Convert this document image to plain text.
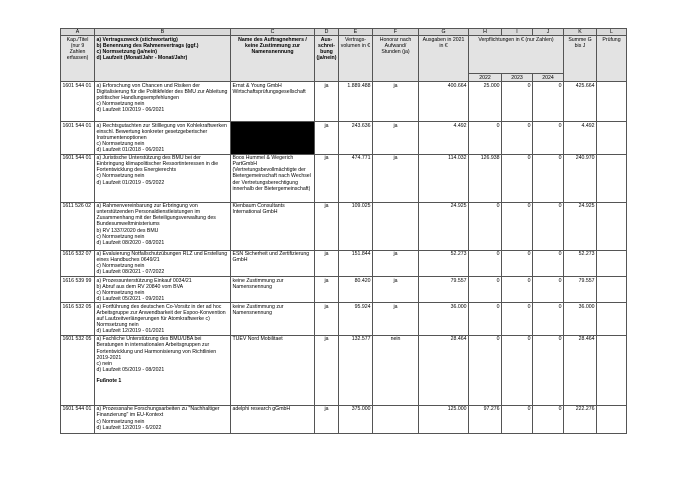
A	B	C	D	E	F	G	H	I	J	K	L
Kap./Titel (nur 9 Zahlen erfassen)	a) Vertragszweck (stichwortartig)
b) Benennung des Rahmenvertrags (ggf.)
c) Normsetzung (ja/nein)
d) Laufzeit (Monat/Jahr - Monat/Jahr)	Name des Auftragnehmers / keine Zustimmung zur Namensnennung	Aus-schrei-bung (ja/nein)	Vertrags-volumen in €	Honorar nach Aufwand/ Stunden (ja)	Ausgaben in 2021 in €	Verpflichtungen in € (nur Zahlen)			Summe G bis J	Prüfung
							2022	2023	2024		
1601 544 01	a) Erforschung von Chancen und Risiken der Digitalisierung für die Politikfelder des BMU zur Ableitung politischer Handlungsempfehlungen
c) Normsetzung nein
d) Laufzeit 10/2019 - 06/2021	Ernst & Young GmbH Wirtschaftsprüfungsgesellschaft	ja	1.889.488	ja	400.664	25.000	0	0	425.664	
1601 544 01	a) Rechtsgutachten zur Stilllegung von Kohlekraftwerken einschl. Bewertung konkreter gesetzgeberischer Instrumentenoptionen
c) Normsetzung nein
d) Laufzeit 01/2018 - 06/2021		ja	243.636	ja	4.492	0	0	0	4.492	
1601 544 01	a) Juristische Unterstützung des BMU bei der Einbringung klimapolitischer Ressortinteressen in die Fortentwicklung des Energierechts
c) Normsetzung nein
d) Laufzeit 01/2019 - 05/2022	Boos Hummel & Wegerich PartGmbH
(Vertretungsbevollmächtigte der Bietergemeinschaft nach Wechsel der Vertretungsberechtigung innerhalb der Bietergemeinschaft)	ja	474.771	ja	114.032	126.938	0	0	240.970	
1611 526 02	a) Rahmenvereinbarung zur Erbringung von unterstützenden Personaldienstleistungen im Zusammenhang mit der Beteiligungsverwaltung des Bundesumweltministeriums
b) RV 1337/2020 des BMU
c) Normsetzung nein
d) Laufzeit 08/2020 - 08/2021	Kienbaum Consultants International GmbH	ja	109.025		24.925	0	0	0	24.925	
1616 532 07	a) Evaluierung Notfallschutzübungen RLZ und Erstellung eines Handbuches 0649/21
c) Normsetzung nein
d) Laufzeit 08/2021 - 07/2022	ESN Sicherheit und Zertifizierung GmbH	ja	151.844	ja	52.273	0	0	0	52.273	
1616 539 99	a) Prozessunterstützung Einkauf 0034/21
b) Abruf aus dem RV 20840 vom BVA
c) Normsetzung nein
d) Laufzeit 05/2021 - 09/2021	keine Zustimmung zur Namensnennung	ja	80.420	ja	79.557	0	0	0	79.557	
1616 532 05	a) Fortführung des deutschen Co-Vorsitz in der ad hoc Arbeitsgruppe zur Anwendbarkeit der Espoo-Konvention auf Laufzeitverlängerungen für Atomkraftwerke c) Normsetzung nein
d) Laufzeit 12/2019 - 01/2021	keine Zustimmung zur Namensnennung	ja	95.924	ja	36.000	0	0	0	36.000	
1601 532 05	a) Fachliche Unterstützung des BMU/UBA bei Beratungen in internationalen Arbeitsgruppen zur Fortentwicklung und Harmonisierung von Richtlinien 2019-2021
c) nein
d) Laufzeit 05/2019 - 08/2021
Fußnote 1	TUEV Nord Mobilitaet	ja	132.577	nein	28.464	0	0	0	28.464	
1601 544 01	a) Prozessnahe Forschungsarbeiten zu "Nachhaltiger Finanzierung" im EU-Kontext
c) Normsetzung nein
d) Laufzeit 12/2019 - 6/2022	adelphi research gGmbH	ja	375.000		125.000	97.276	0	0	222.276	
